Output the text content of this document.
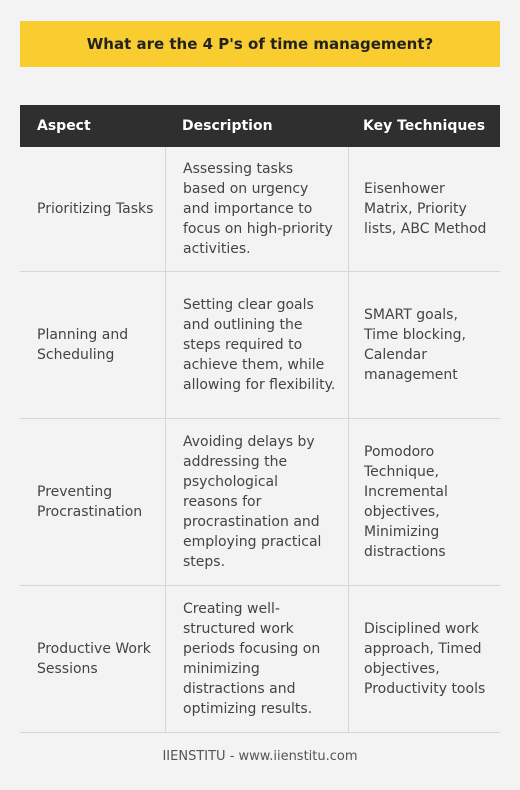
What are the 4 P's of time management?
Aspect	Description	Key Techniques
Prioritizing Tasks
Assessing tasks based on urgency and importance to focus on high-priority activities.
Eisenhower Matrix, Priority lists, ABC Method
Planning and Scheduling
Setting clear goals and outlining the steps required to achieve them, while allowing for flexibility.
SMART goals, Time blocking, Calendar management
Preventing Procrastination
Avoiding delays by addressing the psychological reasons for procrastination and employing practical steps.
Pomodoro Technique, Incremental objectives, Minimizing distractions
Productive Work Sessions
Creating well-structured work periods focusing on minimizing distractions and optimizing results.
Disciplined work approach, Timed objectives, Productivity tools
IIENSTITU - www.iienstitu.com
